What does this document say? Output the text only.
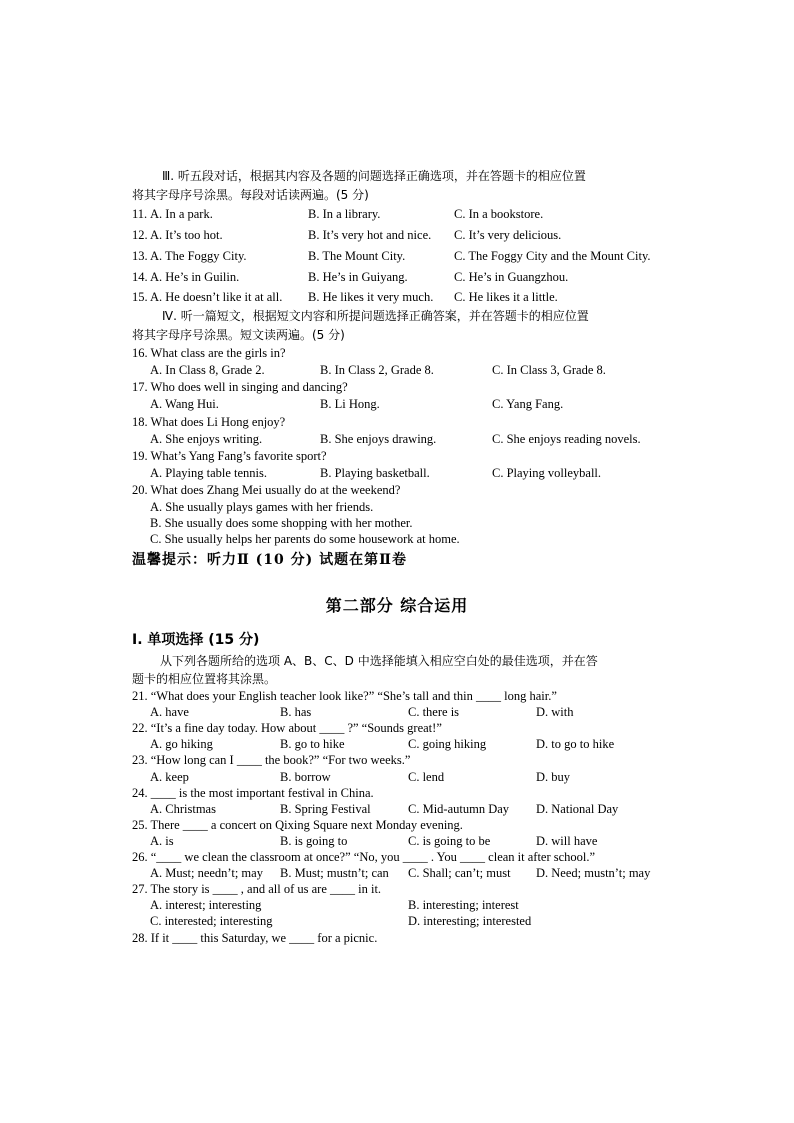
Ⅲ. 听五段对话，根据其内容及各题的问题选择正确选项，并在答题卡的相应位置
将其字母序号涂黑。每段对话读两遍。(5 分)
11. A. In a park.	B. In a library.	C. In a bookstore.
12. A. It’s too hot.	B. It’s very hot and nice. C. It’s very delicious.
13. A. The Foggy City.	B. The Mount City.	C. The Foggy City and the Mount City.
14. A. He’s in Guilin.	B. He’s in Guiyang.	C. He’s in Guangzhou.
15. A. He doesn’t like it at all. B. He likes it very much. C. He likes it a little.
Ⅳ. 听一篇短文，根据短文内容和所提问题选择正确答案，并在答题卡的相应位置
将其字母序号涂黑。短文读两遍。(5 分)
16. What class are the girls in?
A. In Class 8, Grade 2.	B. In Class 2, Grade 8.	C. In Class 3, Grade 8.
17. Who does well in singing and dancing?
A. Wang Hui.	B. Li Hong.	C. Yang Fang.
18. What does Li Hong enjoy?
A. She enjoys writing.	B. She enjoys drawing.	C. She enjoys reading novels.
19. What’s Yang Fang’s favorite sport?
A. Playing table tennis.	B. Playing basketball.	C. Playing volleyball.
20. What does Zhang Mei usually do at the weekend?
A. She usually plays games with her friends.
B. She usually does some shopping with her mother.
C. She usually helps her parents do some housework at home.
温馨提示：听力Ⅱ (10 分) 试题在第Ⅱ卷
第二部分 综合运用
Ⅰ. 单项选择 (15 分)
从下列各题所给的选项 A、B、C、D 中选择能填入相应空白处的最佳选项，并在答
题卡的相应位置将其涂黑。
21. “What does your English teacher look like?” “She’s tall and thin ____ long hair.”
A. have	B. has	C. there is	D. with
22. “It’s a fine day today. How about ____ ?” “Sounds great!”
A. go hiking	B. go to hike	C. going hiking	D. to go to hike
23. “How long can I ____ the book?” “For two weeks.”
A. keep	B. borrow	C. lend	D. buy
24. ____ is the most important festival in China.
A. Christmas	B. Spring Festival	C. Mid-autumn Day D. National Day
25. There ____ a concert on Qixing Square next Monday evening.
A. is	B. is going to	C. is going to be	D. will have
26. “____ we clean the classroom at once?” “No, you ____ . You ____ clean it after school.”
A. Must; needn’t; may B. Must; mustn’t; can C. Shall; can’t; must D. Need; mustn’t; may
27. The story is ____ , and all of us are ____ in it.
A. interest; interesting	B. interesting; interest
C. interested; interesting	D. interesting; interested
28. If it ____ this Saturday, we ____ for a picnic.
